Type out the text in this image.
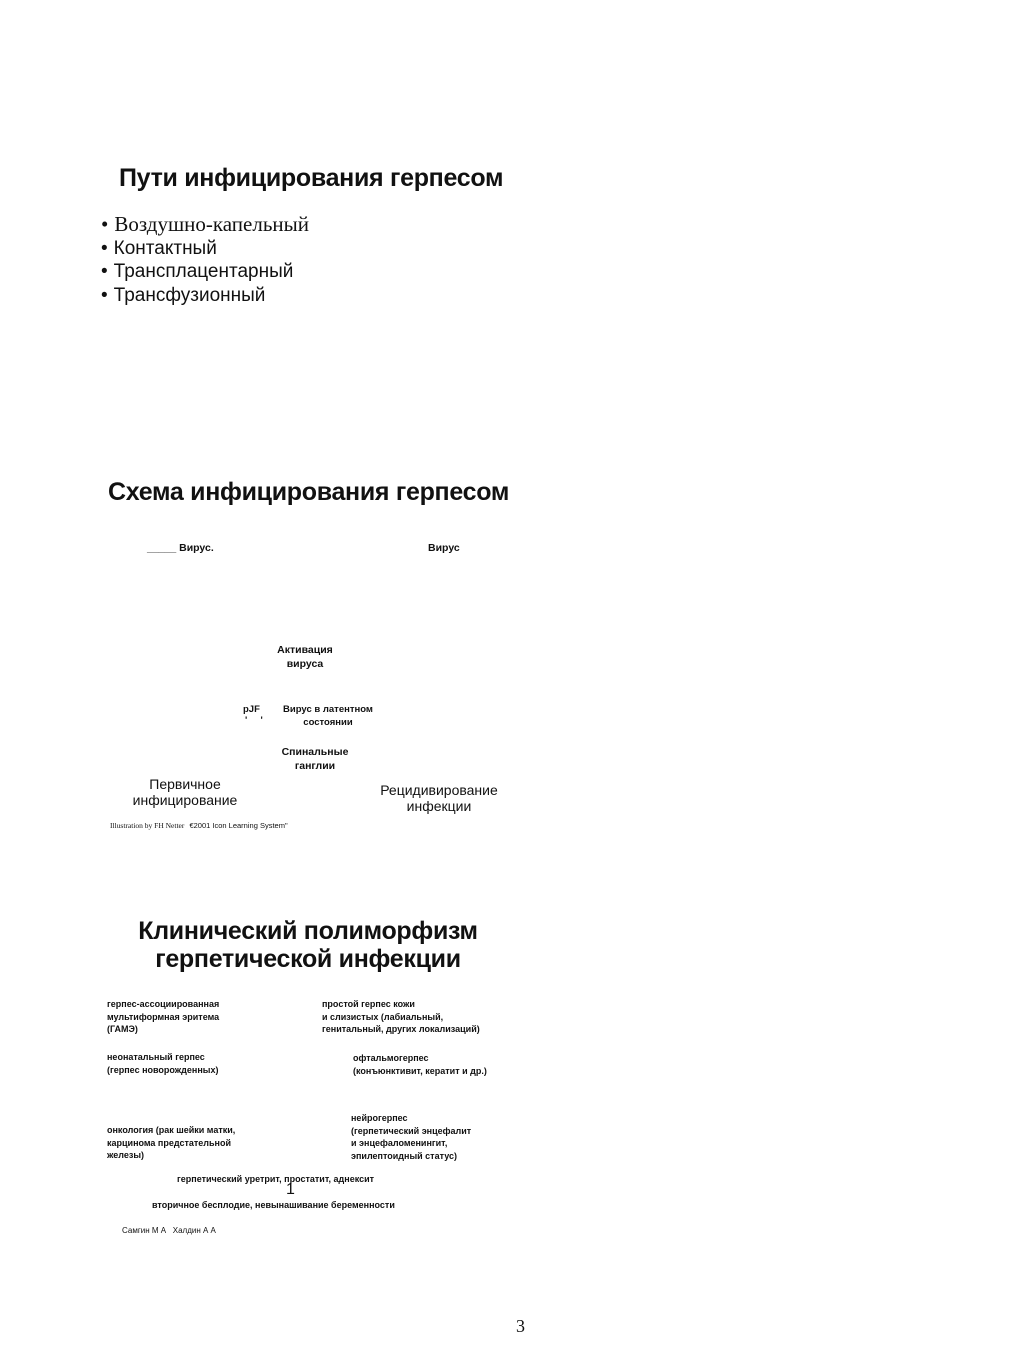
Пути инфицирования герпесом
• Воздушно-капельный
• Контактный
• Трансплацентарный
• Трансфузионный
Схема инфицирования герпесом
_____ Вирус.	Вирус
Активация
вируса
pJF
'     '
Вирус в латентном
состоянии
Спинальные
ганглии
Первичное
инфицирование
Рецидивирование
инфекции
Illustration by FH Netter €2001 Icon Learning System"
Клинический полиморфизм
герпетической инфекции
герпес-ассоциированная
мультиформная эритема
(ГАМЭ)
простой герпес кожи
и слизистых (лабиальный,
генитальный, других локализаций)
неонатальный герпес
(герпес новорожденных)
офтальмогерпес
(конъюнктивит, кератит и др.)
нейрогерпес
(герпетический энцефалит
и энцефаломенингит,
эпилептоидный статус)
онкология (рак шейки матки,
карцинома предстательной
железы)
герпетический уретрит, простатит, аднексит
1
вторичное бесплодие, невынашивание беременности
Самгин М А   Халдин А А
3
